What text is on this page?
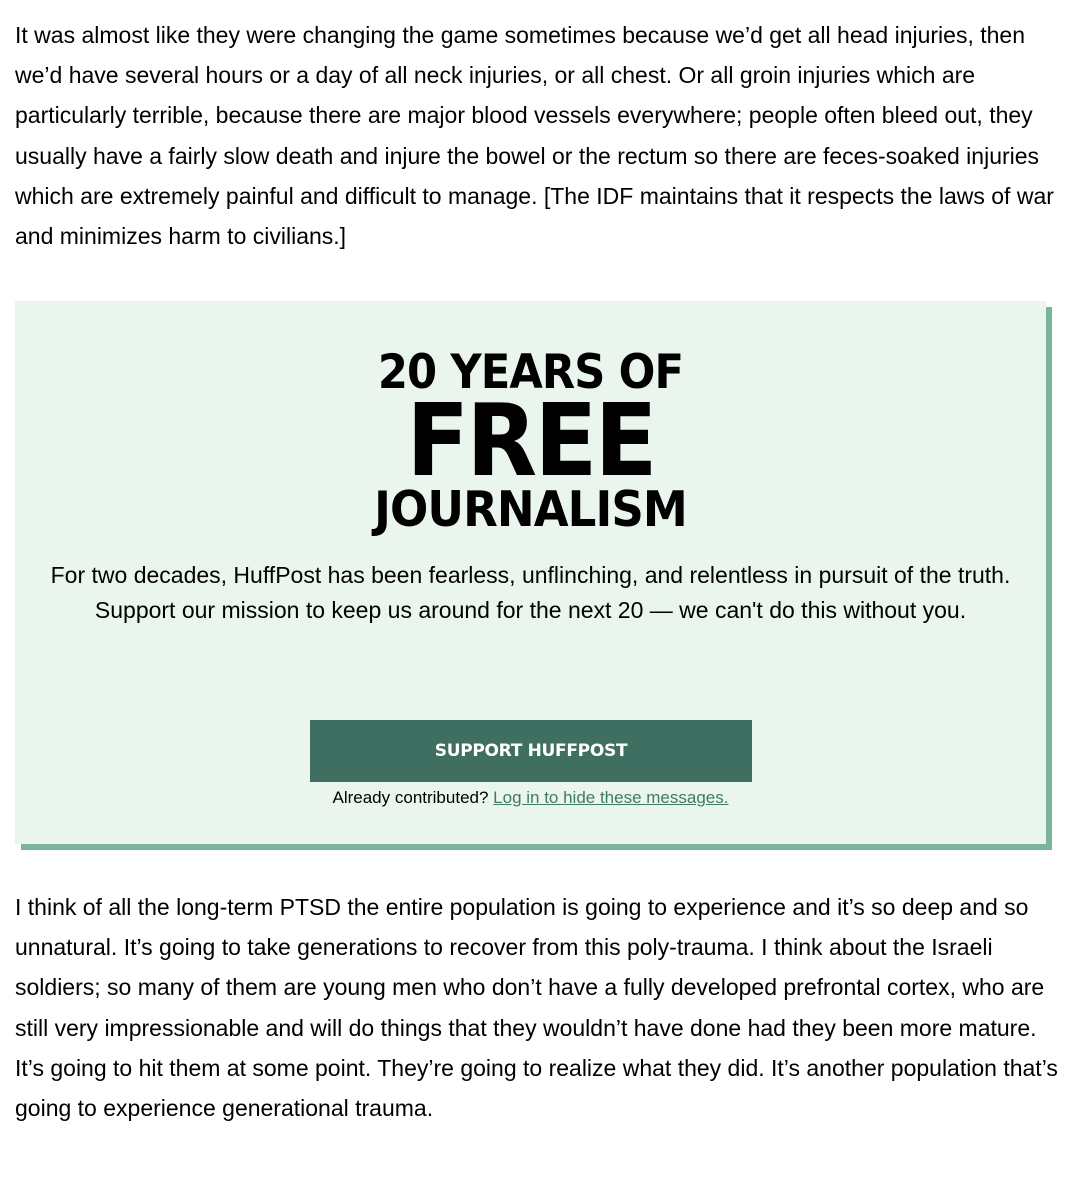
It was almost like they were changing the game sometimes because we’d get all head injuries, then we’d have several hours or a day of all neck injuries, or all chest. Or all groin injuries which are particularly terrible, because there are major blood vessels everywhere; people often bleed out, they usually have a fairly slow death and injure the bowel or the rectum so there are feces-soaked injuries which are extremely painful and difficult to manage. [The IDF maintains that it respects the laws of war and minimizes harm to civilians.]

20 YEARS OF
FREE
JOURNALISM

For two decades, HuffPost has been fearless, unflinching, and relentless in pursuit of the truth. Support our mission to keep us around for the next 20 — we can't do this without you.

SUPPORT HUFFPOST

Already contributed? Log in to hide these messages.

I think of all the long-term PTSD the entire population is going to experience and it’s so deep and so unnatural. It’s going to take generations to recover from this poly-trauma. I think about the Israeli soldiers; so many of them are young men who don’t have a fully developed prefrontal cortex, who are still very impressionable and will do things that they wouldn’t have done had they been more mature. It’s going to hit them at some point. They’re going to realize what they did. It’s another population that’s going to experience generational trauma.
